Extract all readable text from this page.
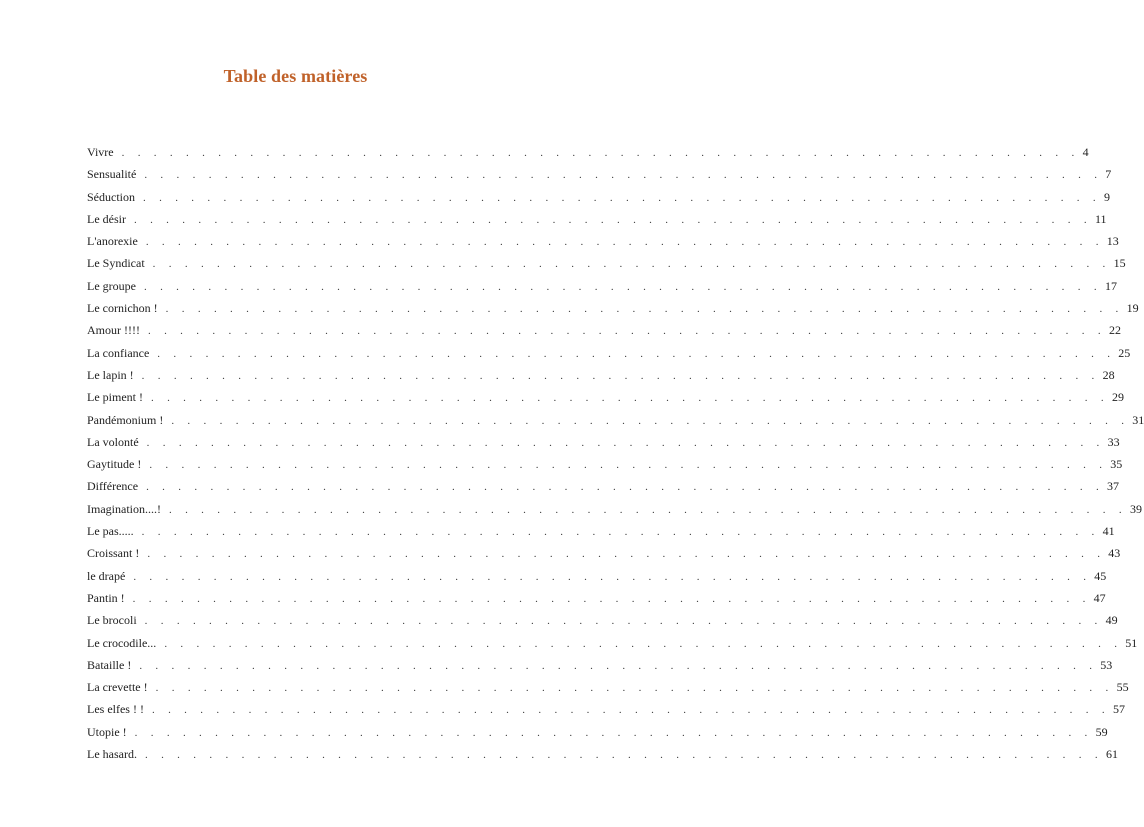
Table des matières
Vivre . . . . . . . . . . . . . . . . . . . . . . . . . . . . . . . . . . . . . . . . . . . . . . . . . . . . . . . . . . . . 4
Sensualité . . . . . . . . . . . . . . . . . . . . . . . . . . . . . . . . . . . . . . . . . . . . . . . . . . . . . . . . . . . . 7
Séduction . . . . . . . . . . . . . . . . . . . . . . . . . . . . . . . . . . . . . . . . . . . . . . . . . . . . . . . . . . . . 9
Le désir . . . . . . . . . . . . . . . . . . . . . . . . . . . . . . . . . . . . . . . . . . . . . . . . . . . . . . . . . . . . 11
L'anorexie . . . . . . . . . . . . . . . . . . . . . . . . . . . . . . . . . . . . . . . . . . . . . . . . . . . . . . . . . . . . 13
Le Syndicat . . . . . . . . . . . . . . . . . . . . . . . . . . . . . . . . . . . . . . . . . . . . . . . . . . . . . . . . . . . . 15
Le groupe . . . . . . . . . . . . . . . . . . . . . . . . . . . . . . . . . . . . . . . . . . . . . . . . . . . . . . . . . . . . 17
Le cornichon ! . . . . . . . . . . . . . . . . . . . . . . . . . . . . . . . . . . . . . . . . . . . . . . . . . . . . . . . . . . . . 19
Amour !!!! . . . . . . . . . . . . . . . . . . . . . . . . . . . . . . . . . . . . . . . . . . . . . . . . . . . . . . . . . . . . 22
La confiance . . . . . . . . . . . . . . . . . . . . . . . . . . . . . . . . . . . . . . . . . . . . . . . . . . . . . . . . . . . . 25
Le lapin ! . . . . . . . . . . . . . . . . . . . . . . . . . . . . . . . . . . . . . . . . . . . . . . . . . . . . . . . . . . . . 28
Le piment ! . . . . . . . . . . . . . . . . . . . . . . . . . . . . . . . . . . . . . . . . . . . . . . . . . . . . . . . . . . . . 29
Pandémonium ! . . . . . . . . . . . . . . . . . . . . . . . . . . . . . . . . . . . . . . . . . . . . . . . . . . . . . . . . . . . . 31
La volonté . . . . . . . . . . . . . . . . . . . . . . . . . . . . . . . . . . . . . . . . . . . . . . . . . . . . . . . . . . . . 33
Gaytitude ! . . . . . . . . . . . . . . . . . . . . . . . . . . . . . . . . . . . . . . . . . . . . . . . . . . . . . . . . . . . . 35
Différence . . . . . . . . . . . . . . . . . . . . . . . . . . . . . . . . . . . . . . . . . . . . . . . . . . . . . . . . . . . . 37
Imagination....! . . . . . . . . . . . . . . . . . . . . . . . . . . . . . . . . . . . . . . . . . . . . . . . . . . . . . . . . . . . . 39
Le pas..... . . . . . . . . . . . . . . . . . . . . . . . . . . . . . . . . . . . . . . . . . . . . . . . . . . . . . . . . . . . . 41
Croissant ! . . . . . . . . . . . . . . . . . . . . . . . . . . . . . . . . . . . . . . . . . . . . . . . . . . . . . . . . . . . . 43
le drapé . . . . . . . . . . . . . . . . . . . . . . . . . . . . . . . . . . . . . . . . . . . . . . . . . . . . . . . . . . . . 45
Pantin ! . . . . . . . . . . . . . . . . . . . . . . . . . . . . . . . . . . . . . . . . . . . . . . . . . . . . . . . . . . . . 47
Le brocoli . . . . . . . . . . . . . . . . . . . . . . . . . . . . . . . . . . . . . . . . . . . . . . . . . . . . . . . . . . . . 49
Le crocodile... . . . . . . . . . . . . . . . . . . . . . . . . . . . . . . . . . . . . . . . . . . . . . . . . . . . . . . . . . . . . 51
Bataille ! . . . . . . . . . . . . . . . . . . . . . . . . . . . . . . . . . . . . . . . . . . . . . . . . . . . . . . . . . . . . 53
La crevette ! . . . . . . . . . . . . . . . . . . . . . . . . . . . . . . . . . . . . . . . . . . . . . . . . . . . . . . . . . . . . 55
Les elfes ! ! . . . . . . . . . . . . . . . . . . . . . . . . . . . . . . . . . . . . . . . . . . . . . . . . . . . . . . . . . . . . 57
Utopie ! . . . . . . . . . . . . . . . . . . . . . . . . . . . . . . . . . . . . . . . . . . . . . . . . . . . . . . . . . . . . 59
Le hasard. . . . . . . . . . . . . . . . . . . . . . . . . . . . . . . . . . . . . . . . . . . . . . . . . . . . . . . . . . . . . 61
